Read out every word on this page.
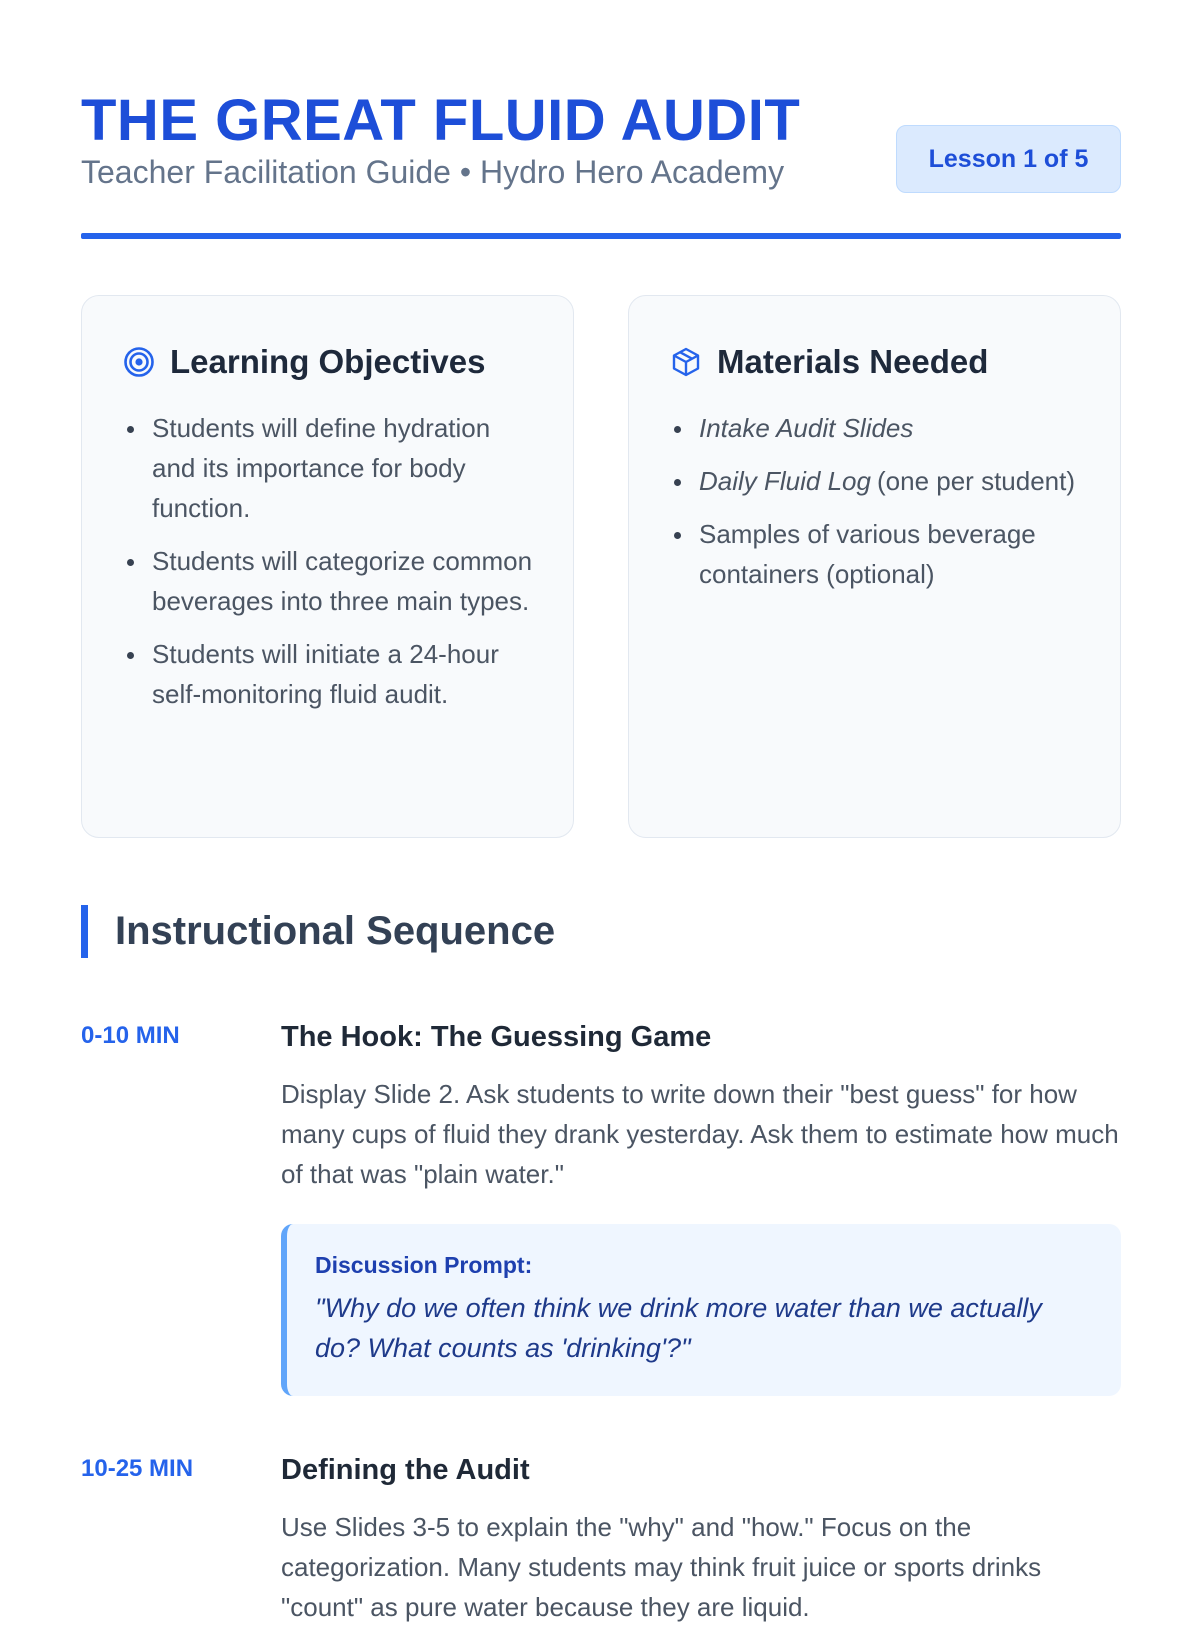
THE GREAT FLUID AUDIT
Teacher Facilitation Guide • Hydro Hero Academy	Lesson 1 of 5
Learning Objectives
Students will define hydration and its importance for body function.
Students will categorize common beverages into three main types.
Students will initiate a 24-hour self-monitoring fluid audit.
Materials Needed
Intake Audit Slides
Daily Fluid Log (one per student)
Samples of various beverage containers (optional)
Instructional Sequence
0-10 MIN	The Hook: The Guessing Game

Display Slide 2. Ask students to write down their "best guess" for how many cups of fluid they drank yesterday. Ask them to estimate how much of that was "plain water."

Discussion Prompt:
"Why do we often think we drink more water than we actually do? What counts as 'drinking'?"
10-25 MIN	Defining the Audit

Use Slides 3-5 to explain the "why" and "how." Focus on the categorization. Many students may think fruit juice or sports drinks "count" as pure water because they are liquid.
